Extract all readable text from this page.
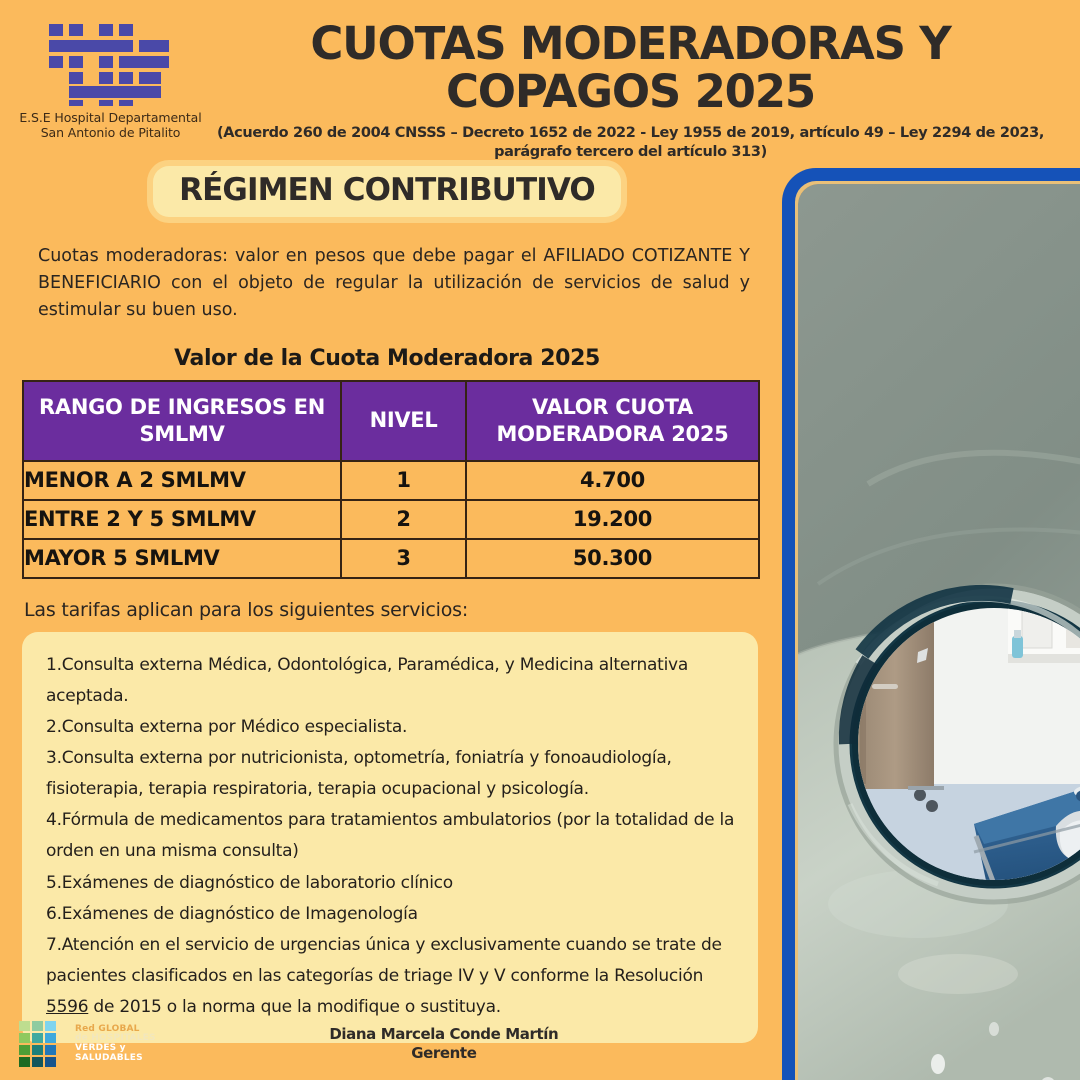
E.S.E Hospital Departamental
San Antonio de Pitalito
CUOTAS MODERADORAS Y
COPAGOS 2025
(Acuerdo 260 de 2004 CNSSS – Decreto 1652 de 2022 - Ley 1955 de 2019, artículo 49 – Ley 2294 de 2023, parágrafo tercero del artículo 313)
RÉGIMEN CONTRIBUTIVO

Cuotas moderadoras: valor en pesos que debe pagar el AFILIADO COTIZANTE Y BENEFICIARIO con el objeto de regular la utilización de servicios de salud y estimular su buen uso.

Valor de la Cuota Moderadora 2025
RANGO DE INGRESOS EN SMLMV	NIVEL	VALOR CUOTA MODERADORA 2025
MENOR A 2 SMLMV	1	4.700
ENTRE 2 Y 5 SMLMV	2	19.200
MAYOR 5 SMLMV	3	50.300
Las tarifas aplican para los siguientes servicios:
1.Consulta externa Médica, Odontológica, Paramédica, y Medicina alternativa aceptada.
2.Consulta externa por Médico especialista.
3.Consulta externa por nutricionista, optometría, foniatría y fonoaudiología, fisioterapia, terapia respiratoria, terapia ocupacional y psicología.
4.Fórmula de medicamentos para tratamientos ambulatorios (por la totalidad de la orden en una misma consulta)
5.Exámenes de diagnóstico de laboratorio clínico
6.Exámenes de diagnóstico de Imagenología
7.Atención en el servicio de urgencias única y exclusivamente cuando se trate de pacientes clasificados en las categorías de triage IV y V conforme la Resolución 5596 de 2015 o la norma que la modifique o sustituya.
Red GLOBAL
de HOSPITALES
VERDES y
SALUDABLES
Diana Marcela Conde Martín
Gerente
